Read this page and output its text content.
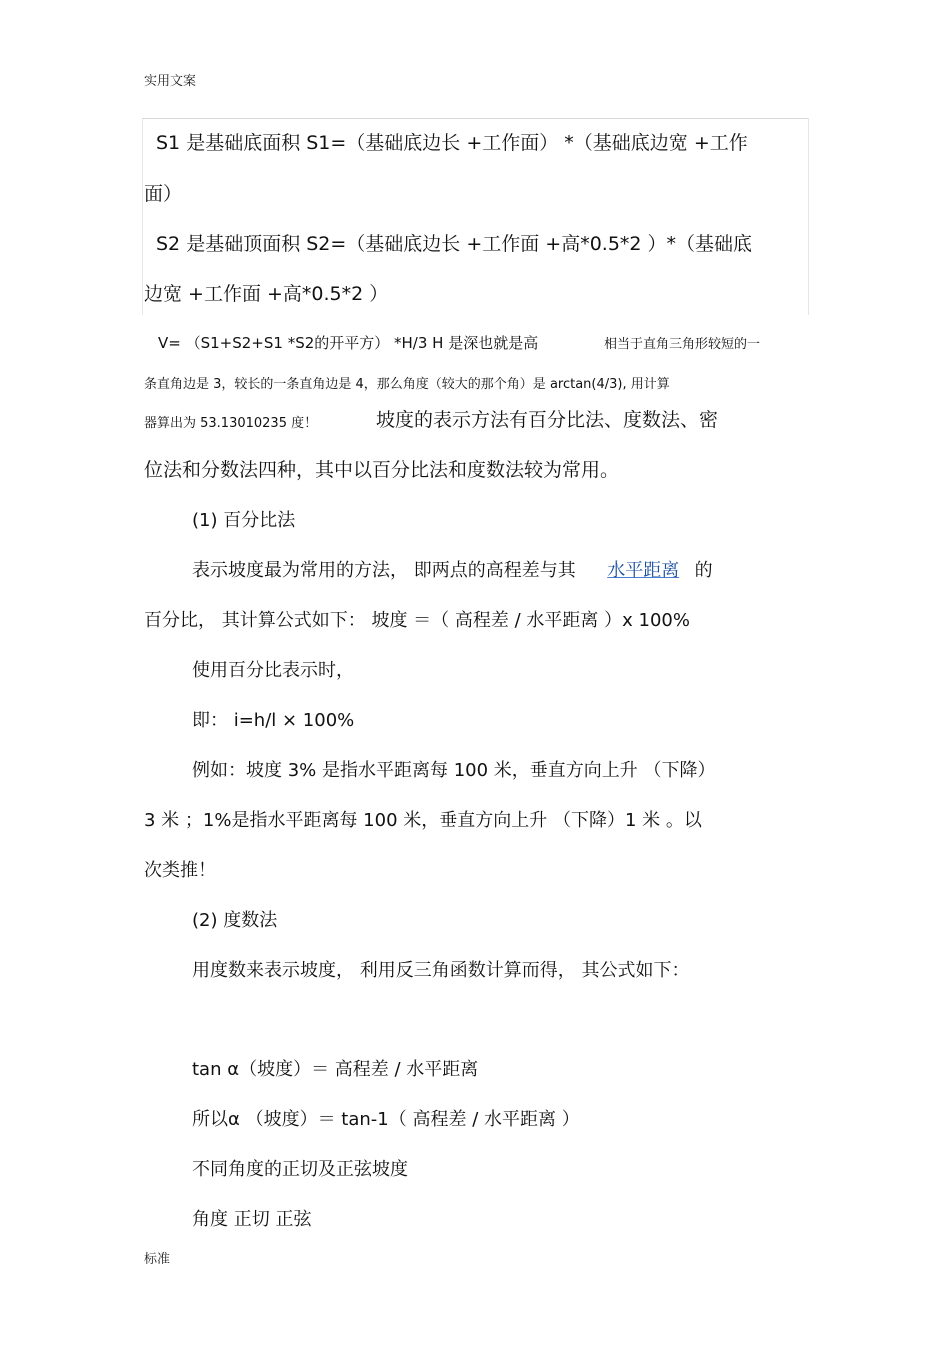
实用文案
S1 是基础底面积 S1=（基础底边长 +工作面） *（基础底边宽 +工作
面）
S2 是基础顶面积 S2=（基础底边长 +工作面 +高*0.5*2 ）*（基础底
边宽 +工作面 +高*0.5*2 ）
V= （S1+S2+S1 *S2的开平方） *H/3 H 是深也就是高	相当于直角三角形较短的一
条直角边是 3，较长的一条直角边是 4，那么角度（较大的那个角）是 arctan(4/3), 用计算
器算出为 53.13010235 度！	坡度的表示方法有百分比法、度数法、密
位法和分数法四种，其中以百分比法和度数法较为常用。
(1) 百分比法
表示坡度最为常用的方法， 即两点的高程差与其 水平距离 的
百分比， 其计算公式如下： 坡度 ＝（ 高程差 / 水平距离 ）x 100%
使用百分比表示时，
即： i=h/l × 100%
例如：坡度 3% 是指水平距离每 100 米，垂直方向上升 （下降）
3 米 ；1%是指水平距离每 100 米，垂直方向上升 （下降）1 米 。以
次类推！
(2) 度数法
用度数来表示坡度， 利用反三角函数计算而得， 其公式如下：
tan α（坡度）＝ 高程差 / 水平距离
所以α （坡度）＝ tan-1（ 高程差 / 水平距离 ）
不同角度的正切及正弦坡度
角度 正切 正弦
标准
